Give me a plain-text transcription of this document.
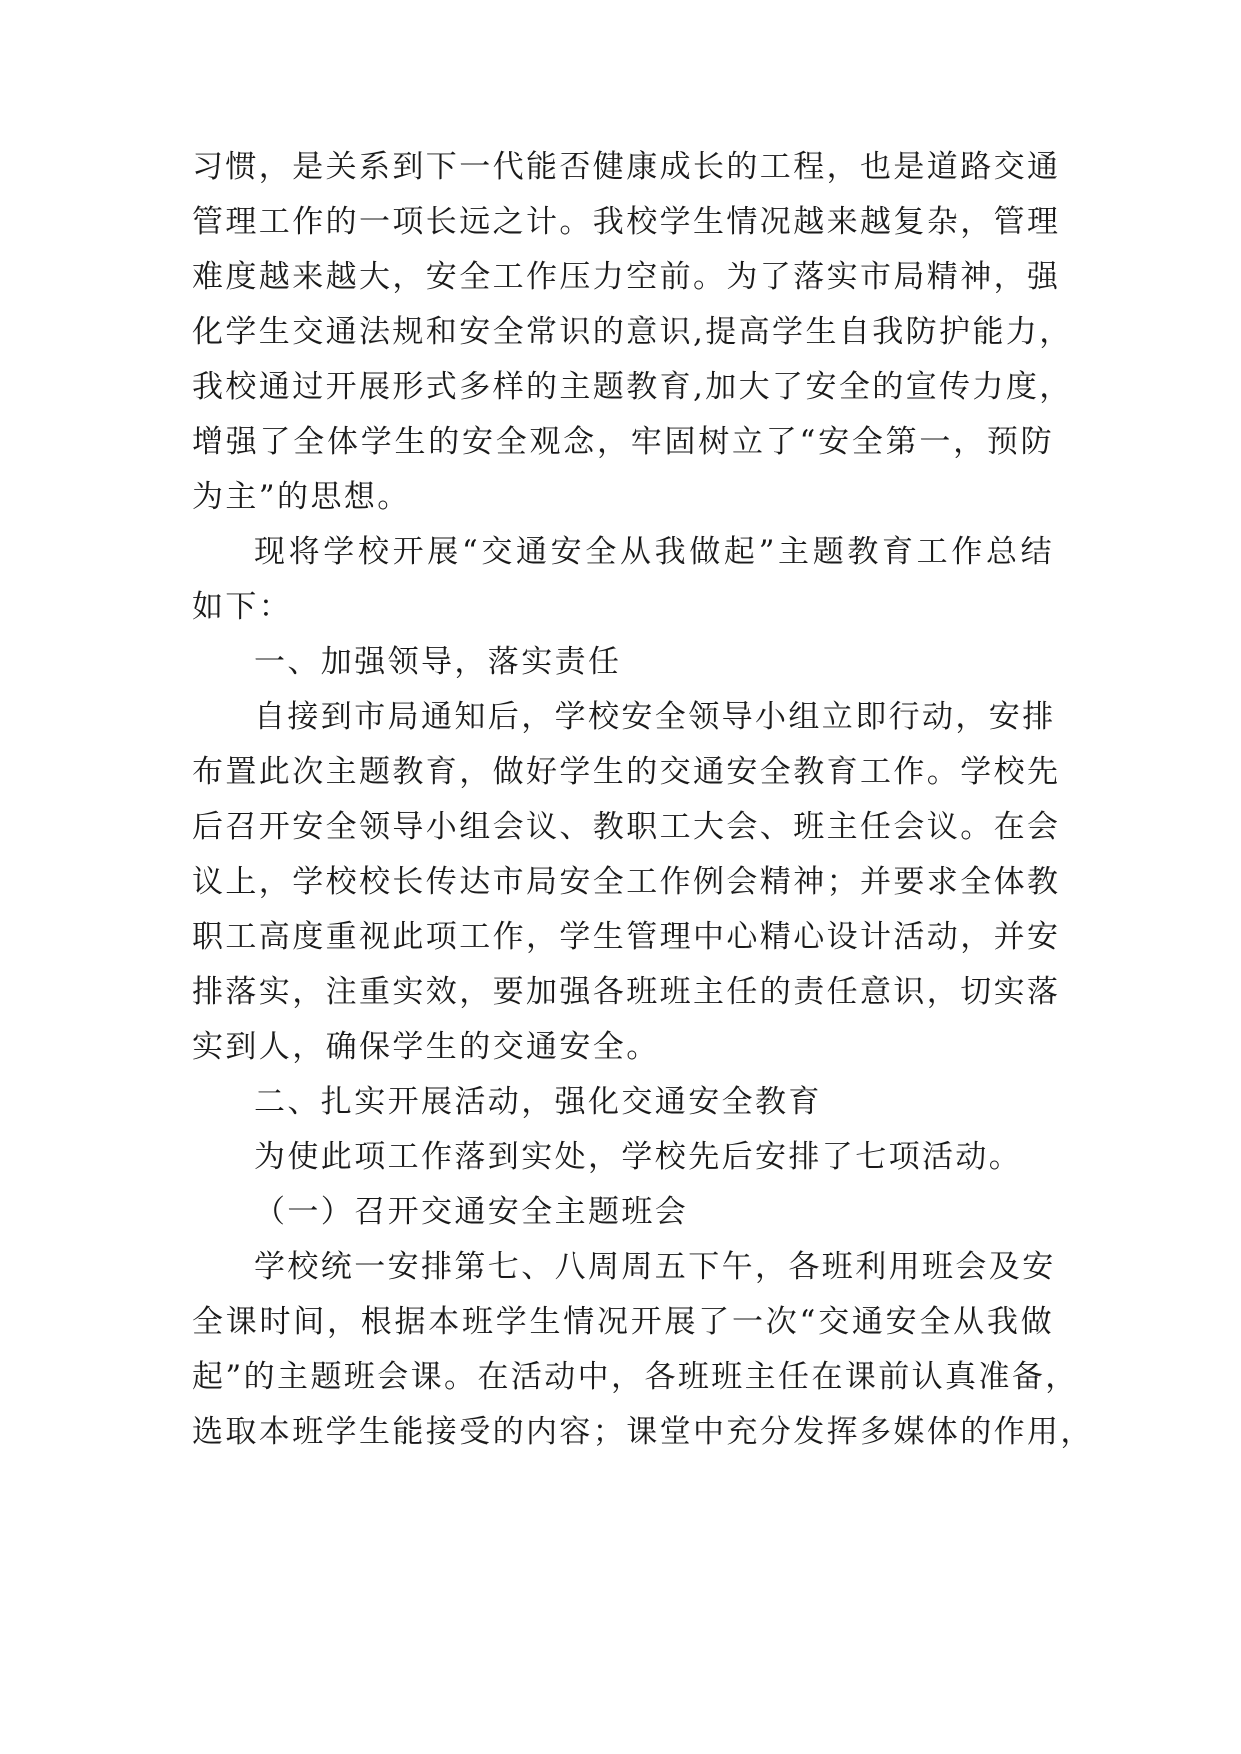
习惯，是关系到下一代能否健康成长的工程，也是道路交通
管理工作的一项长远之计。我校学生情况越来越复杂，管理
难度越来越大，安全工作压力空前。为了落实市局精神，强
化学生交通法规和安全常识的意识,提高学生自我防护能力，
我校通过开展形式多样的主题教育,加大了安全的宣传力度，
增强了全体学生的安全观念，牢固树立了“安全第一，预防
为主”的思想。
现将学校开展“交通安全从我做起”主题教育工作总结
如下：
一、加强领导，落实责任
自接到市局通知后，学校安全领导小组立即行动，安排
布置此次主题教育，做好学生的交通安全教育工作。学校先
后召开安全领导小组会议、教职工大会、班主任会议。在会
议上，学校校长传达市局安全工作例会精神；并要求全体教
职工高度重视此项工作，学生管理中心精心设计活动，并安
排落实，注重实效，要加强各班班主任的责任意识，切实落
实到人，确保学生的交通安全。
二、扎实开展活动，强化交通安全教育
为使此项工作落到实处，学校先后安排了七项活动。
（一）召开交通安全主题班会
学校统一安排第七、八周周五下午，各班利用班会及安
全课时间，根据本班学生情况开展了一次“交通安全从我做
起”的主题班会课。在活动中，各班班主任在课前认真准备，
选取本班学生能接受的内容；课堂中充分发挥多媒体的作用，
